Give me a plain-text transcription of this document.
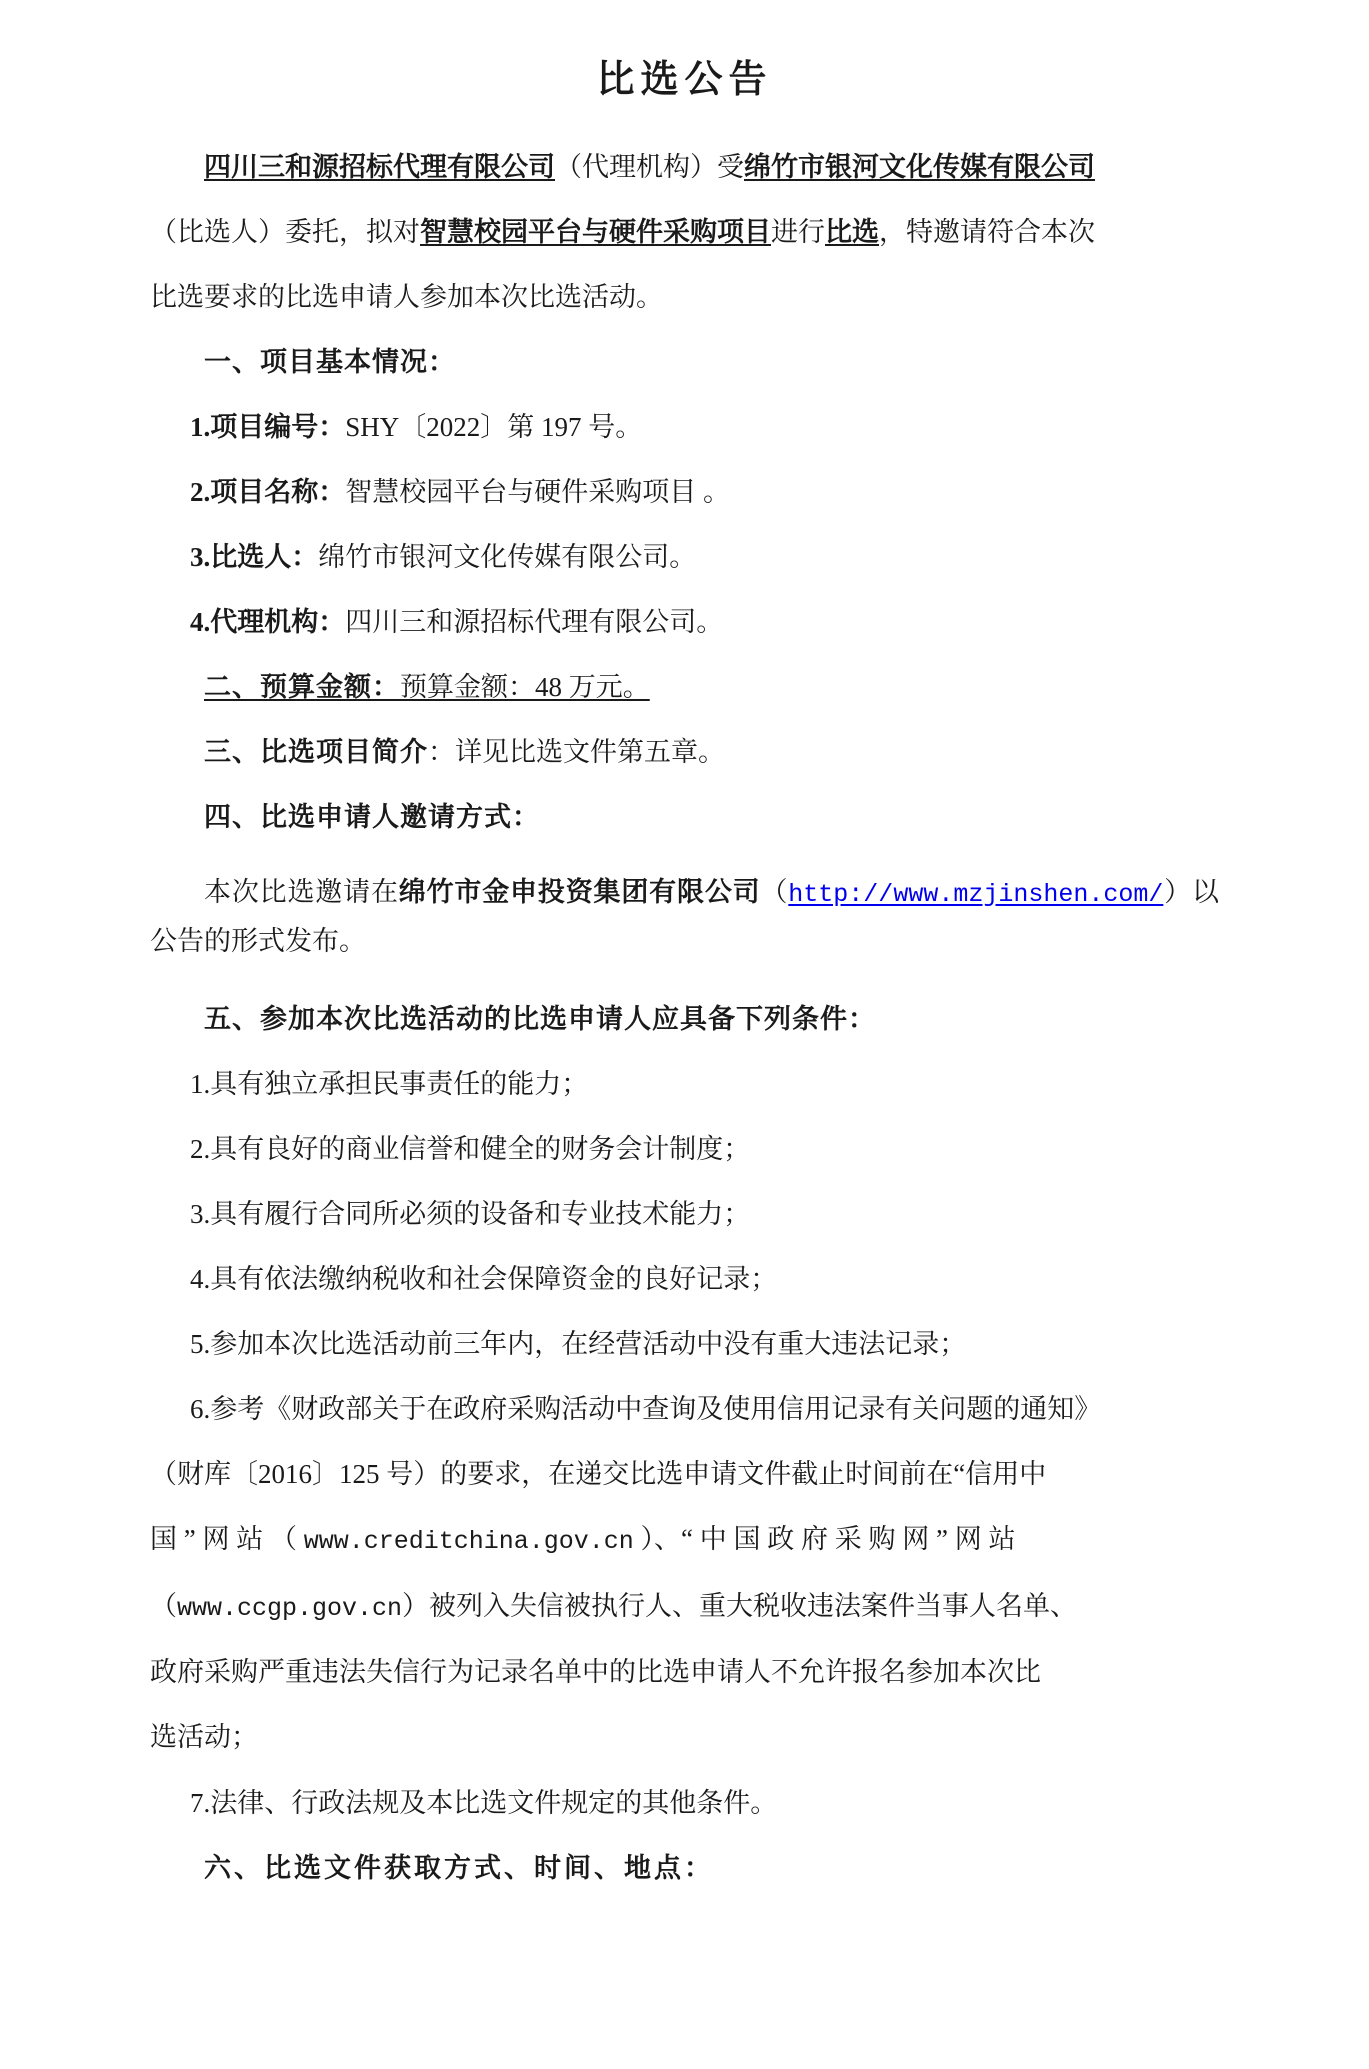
比选公告

四川三和源招标代理有限公司（代理机构）受绵竹市银河文化传媒有限公司

（比选人）委托，拟对智慧校园平台与硬件采购项目进行比选，特邀请符合本次

比选要求的比选申请人参加本次比选活动。

一、项目基本情况：

1.项目编号：SHY〔2022〕第 197 号。

2.项目名称：智慧校园平台与硬件采购项目 。

3.比选人：绵竹市银河文化传媒有限公司。

4.代理机构：四川三和源招标代理有限公司。

二、预算金额：预算金额：48 万元。

三、比选项目简介：详见比选文件第五章。

四、比选申请人邀请方式：

本次比选邀请在绵竹市金申投资集团有限公司（http://www.mzjinshen.com/）以公告的形式发布。

五、参加本次比选活动的比选申请人应具备下列条件：

1.具有独立承担民事责任的能力；

2.具有良好的商业信誉和健全的财务会计制度；

3.具有履行合同所必须的设备和专业技术能力；

4.具有依法缴纳税收和社会保障资金的良好记录；

5.参加本次比选活动前三年内，在经营活动中没有重大违法记录；

6.参考《财政部关于在政府采购活动中查询及使用信用记录有关问题的通知》

（财库〔2016〕125 号）的要求，在递交比选申请文件截止时间前在“信用中

国 ” 网 站 （ www.creditchina.gov.cn ）、“ 中 国 政 府 采 购 网 ” 网 站

（www.ccgp.gov.cn）被列入失信被执行人、重大税收违法案件当事人名单、

政府采购严重违法失信行为记录名单中的比选申请人不允许报名参加本次比

选活动；

7.法律、行政法规及本比选文件规定的其他条件。

六、比选文件获取方式、时间、地点：
